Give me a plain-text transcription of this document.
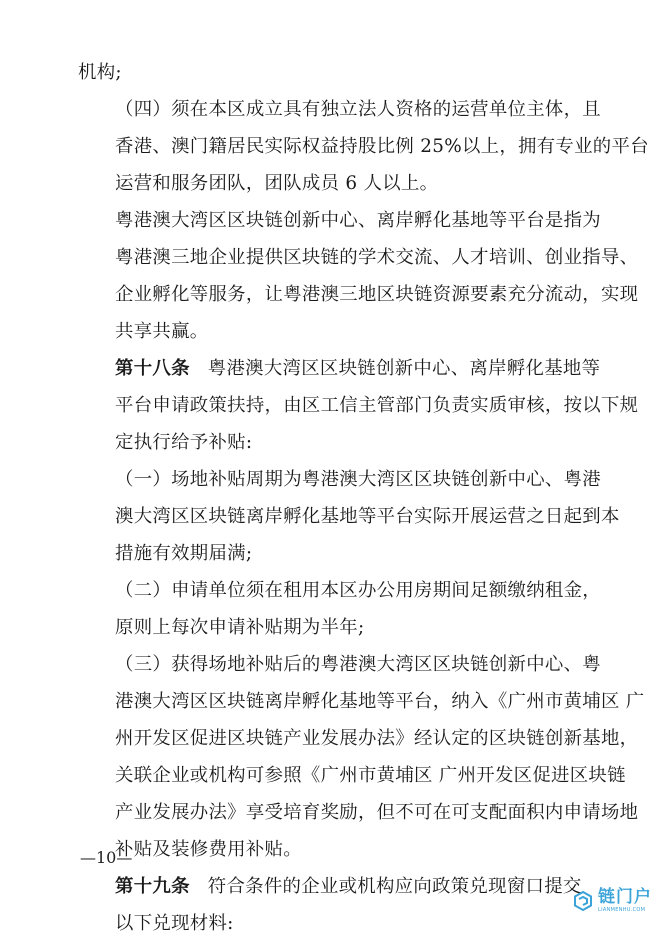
机构;

（四）须在本区成立具有独立法人资格的运营单位主体，且
香港、澳门籍居民实际权益持股比例 25%以上，拥有专业的平台
运营和服务团队，团队成员 6 人以上。

粤港澳大湾区区块链创新中心、离岸孵化基地等平台是指为
粤港澳三地企业提供区块链的学术交流、人才培训、创业指导、
企业孵化等服务，让粤港澳三地区块链资源要素充分流动，实现
共享共赢。

第十八条 粤港澳大湾区区块链创新中心、离岸孵化基地等
平台申请政策扶持，由区工信主管部门负责实质审核，按以下规
定执行给予补贴:

（一）场地补贴周期为粤港澳大湾区区块链创新中心、粤港
澳大湾区区块链离岸孵化基地等平台实际开展运营之日起到本
措施有效期届满;

（二）申请单位须在租用本区办公用房期间足额缴纳租金，
原则上每次申请补贴期为半年;

（三）获得场地补贴后的粤港澳大湾区区块链创新中心、粤
港澳大湾区区块链离岸孵化基地等平台，纳入《广州市黄埔区 广
州开发区促进区块链产业发展办法》经认定的区块链创新基地，
关联企业或机构可参照《广州市黄埔区 广州开发区促进区块链
产业发展办法》享受培育奖励，但不可在可支配面积内申请场地
补贴及装修费用补贴。

第十九条 符合条件的企业或机构应向政策兑现窗口提交
以下兑现材料:

—10—
链门户
LIANMENHU.COM
